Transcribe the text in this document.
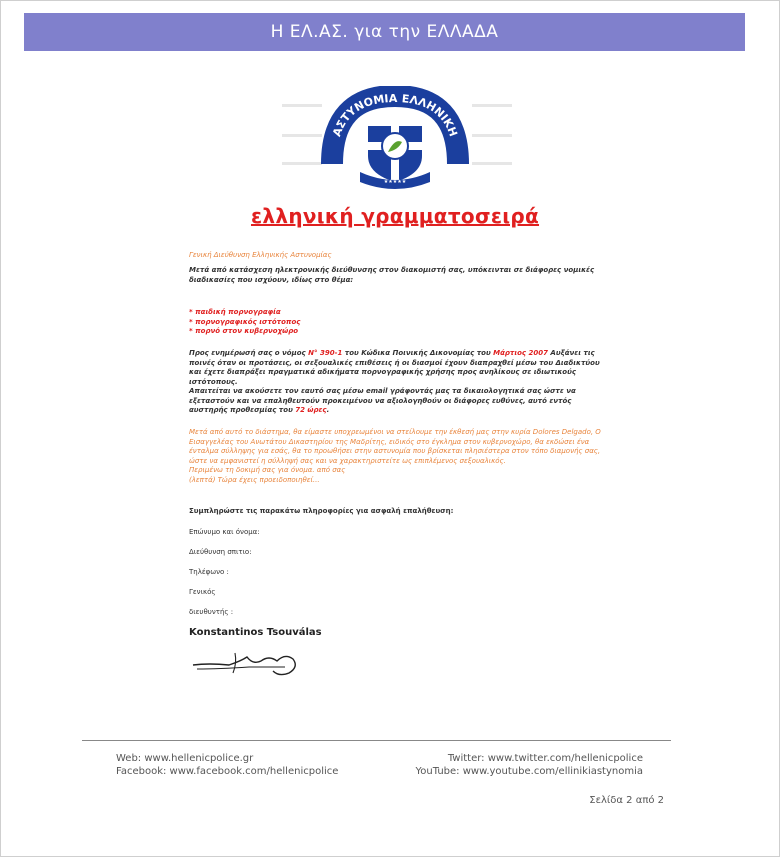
Η ΕΛ.ΑΣ. για την ΕΛΛΑΔΑ
★★★★★
ΑΣΤΥΝΟΜΙΑ ΕΛΛΗΝΙΚΗ
ελληνική γραμματοσειρά
Γενική Διεύθυνση Ελληνικής Αστυνομίας
Μετά από κατάσχεση ηλεκτρονικής διεύθυνσης στον διακομιστή σας, υπόκεινται σε διάφορες νομικές διαδικασίες που ισχύουν, ιδίως στο θέμα:
* παιδική πορνογραφία
* πορνογραφικός ιστότοπος
* πορνό στον κυβερνοχώρο
Προς ενημέρωσή σας ο νόμος N° 390-1 του Κώδικα Ποινικής Δικονομίας του Μάρτιος 2007 Αυξάνει τις ποινές όταν οι προτάσεις, οι σεξουαλικές επιθέσεις ή οι διασμοί έχουν διαπραχθεί μέσω του Διαδικτύου και έχετε διαπράξει πραγματικά αδικήματα πορνογραφικής χρήσης προς ανηλίκους σε ιδιωτικούς ιστότοπους.
Απαιτείται να ακούσετε τον εαυτό σας μέσω email γράφοντάς μας τα δικαιολογητικά σας ώστε να εξεταστούν και να επαληθευτούν προκειμένου να αξιολογηθούν οι διάφορες ευθύνες, αυτό εντός αυστηρής προθεσμίας του 72 ώρες.
Μετά από αυτό το διάστημα, θα είμαστε υποχρεωμένοι να στείλουμε την έκθεσή μας στην κυρία Dolores Delgado, Ο Εισαγγελέας του Ανωτάτου Δικαστηρίου της Μαδρίτης, ειδικός στο έγκλημα στον κυβερνοχώρο, θα εκδώσει ένα ένταλμα σύλληψης για εσάς, θα το προωθήσει στην αστυνομία που βρίσκεται πλησιέστερα στον τόπο διαμονής σας, ώστε να εμφανιστεί η σύλληψή σας και να χαρακτηριστείτε ως επιπλέμενος σεξουαλικός.
Περιμένω τη δοκιμή σας για όνομα. από σας
(λεπτά) Τώρα έχεις προειδοποιηθεί...
Συμπληρώστε τις παρακάτω πληροφορίες για ασφαλή επαλήθευση:
Επώνυμο και όνομα:
Διεύθυνση σπιτιο:
Τηλέφωνο :
Γενικός
διευθυντής :
Konstantinos Tsouválas
Web: www.hellenicpolice.gr
Facebook: www.facebook.com/hellenicpolice
Twitter: www.twitter.com/hellenicpolice
YouTube: www.youtube.com/ellinikiastynomia
Σελίδα 2 από 2
